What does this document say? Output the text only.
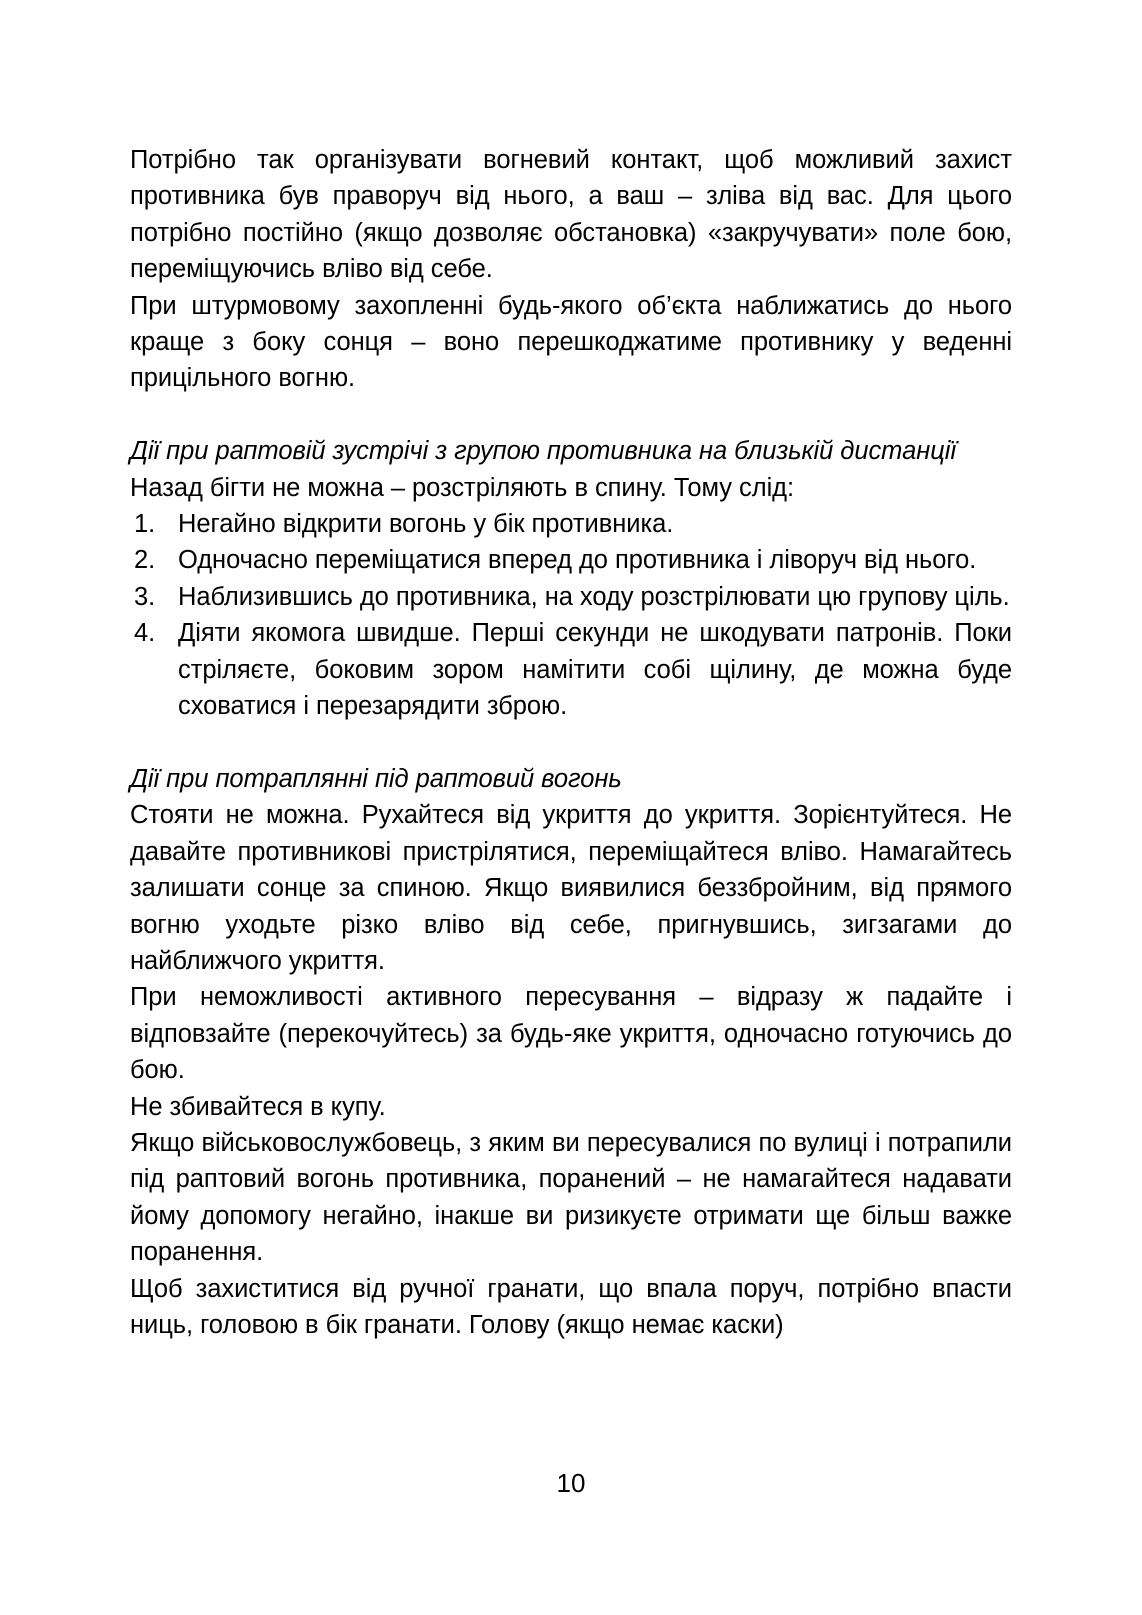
Потрібно так організувати вогневий контакт, щоб можливий захист противника був праворуч від нього, а ваш – зліва від вас. Для цього потрібно постійно (якщо дозволяє обстановка) «закручувати» поле бою, переміщуючись вліво від себе.
При штурмовому захопленні будь-якого об’єкта наближатись до нього краще з боку сонця – воно перешкоджатиме противнику у веденні прицільного вогню.
Дії при раптовій зустрічі з групою противника на близькій дистанції
Назад бігти не можна – розстріляють в спину. Тому слід:
1. Негайно відкрити вогонь у бік противника.
2. Одночасно переміщатися вперед до противника і ліворуч від нього.
3. Наблизившись до противника, на ходу розстрілювати цю групову ціль.
4. Діяти якомога швидше. Перші секунди не шкодувати патронів. Поки стріляєте, боковим зором намітити собі щілину, де можна буде сховатися і перезарядити зброю.
Дії при потраплянні під раптовий вогонь
Стояти не можна. Рухайтеся від укриття до укриття. Зорієнтуйтеся. Не давайте противникові пристрілятися, переміщайтеся вліво. Намагайтесь залишати сонце за спиною. Якщо виявилися беззбройним, від прямого вогню уходьте різко вліво від себе, пригнувшись, зигзагами до найближчого укриття.
При неможливості активного пересування – відразу ж падайте і відповзайте (перекочуйтесь) за будь-яке укриття, одночасно готуючись до бою.
Не збивайтеся в купу.
Якщо військовослужбовець, з яким ви пересувалися по вулиці і потрапили під раптовий вогонь противника, поранений – не намагайтеся надавати йому допомогу негайно, інакше ви ризикуєте отримати ще більш важке поранення.
Щоб захиститися від ручної гранати, що впала поруч, потрібно впасти ниць, головою в бік гранати. Голову (якщо немає каски)
10
